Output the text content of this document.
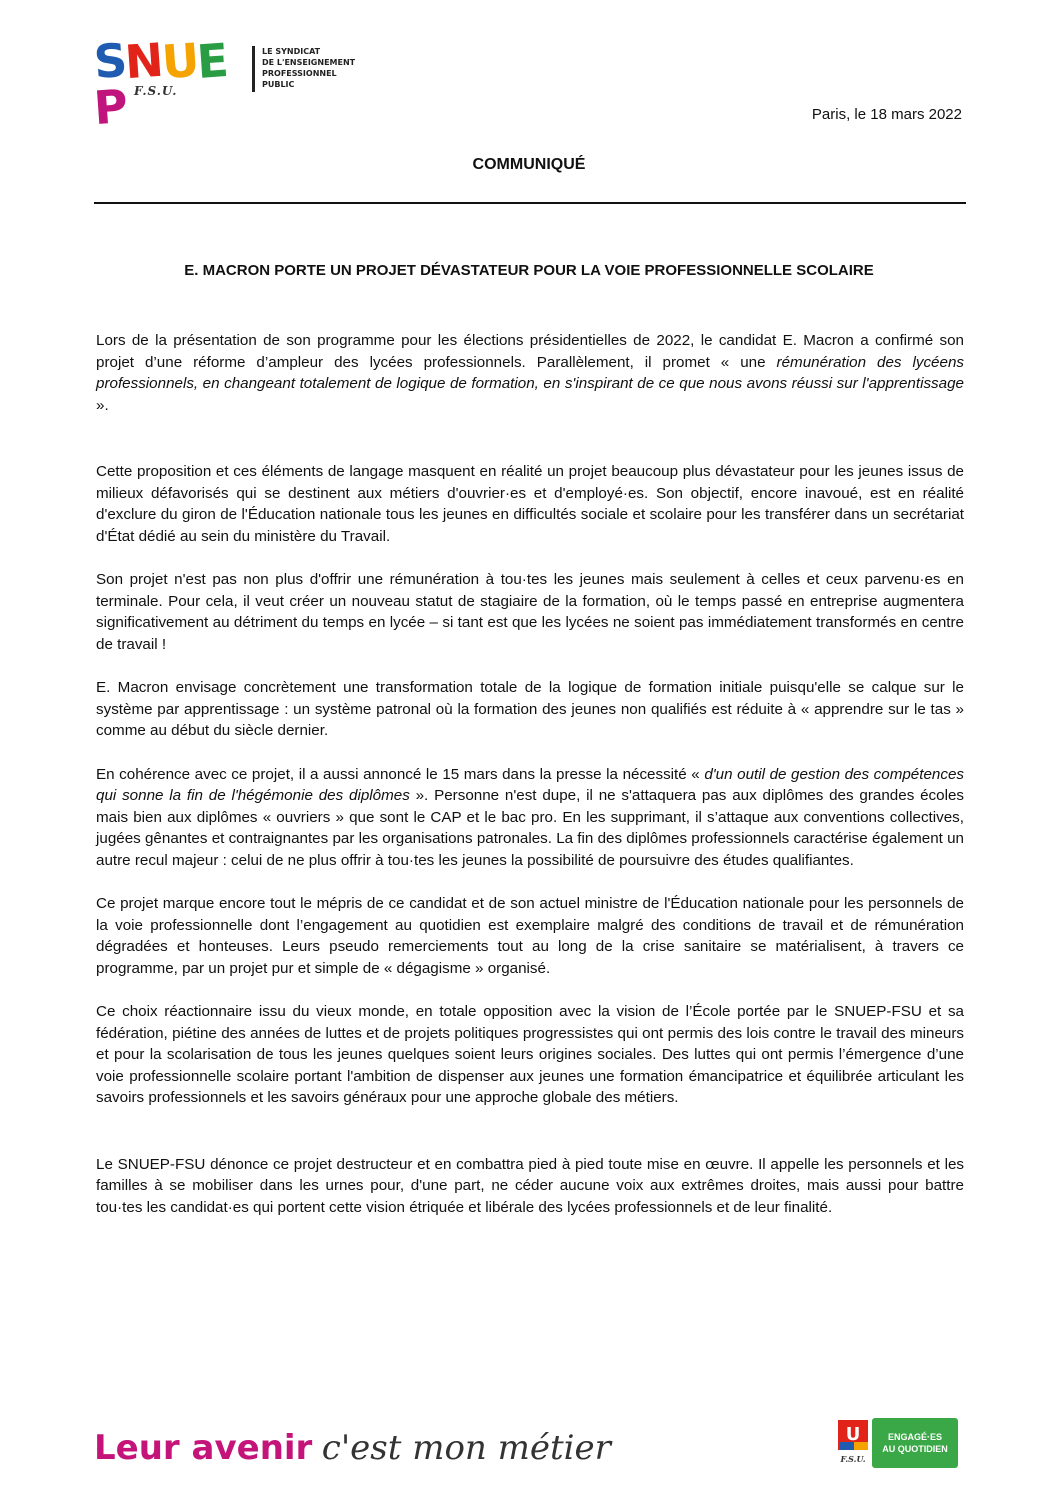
SNUEP F.S.U.
LE SYNDICAT
DE L'ENSEIGNEMENT
PROFESSIONNEL
PUBLIC
Paris, le 18 mars 2022
COMMUNIQUÉ
E. MACRON PORTE UN PROJET DÉVASTATEUR POUR LA VOIE PROFESSIONNELLE SCOLAIRE

Lors de la présentation de son programme pour les élections présidentielles de 2022, le candidat E. Macron a confirmé son projet d’une réforme d’ampleur des lycées professionnels. Parallèlement, il promet « une rémunération des lycéens professionnels, en changeant totalement de logique de formation, en s'inspirant de ce que nous avons réussi sur l'apprentissage ».

Cette proposition et ces éléments de langage masquent en réalité un projet beaucoup plus dévastateur pour les jeunes issus de milieux défavorisés qui se destinent aux métiers d'ouvrier·es et d'employé·es. Son objectif, encore inavoué, est en réalité d'exclure du giron de l'Éducation nationale tous les jeunes en difficultés sociale et scolaire pour les transférer dans un secrétariat d'État dédié au sein du ministère du Travail.

Son projet n'est pas non plus d'offrir une rémunération à tou·tes les jeunes mais seulement à celles et ceux parvenu·es en terminale. Pour cela, il veut créer un nouveau statut de stagiaire de la formation, où le temps passé en entreprise augmentera significativement au détriment du temps en lycée – si tant est que les lycées ne soient pas immédiatement transformés en centre de travail !

E. Macron envisage concrètement une transformation totale de la logique de formation initiale puisqu'elle se calque sur le système par apprentissage : un système patronal où la formation des jeunes non qualifiés est réduite à « apprendre sur le tas » comme au début du siècle dernier.

En cohérence avec ce projet, il a aussi annoncé le 15 mars dans la presse la nécessité « d'un outil de gestion des compétences qui sonne la fin de l'hégémonie des diplômes ». Personne n'est dupe, il ne s'attaquera pas aux diplômes des grandes écoles mais bien aux diplômes « ouvriers » que sont le CAP et le bac pro. En les supprimant, il s’attaque aux conventions collectives, jugées gênantes et contraignantes par les organisations patronales. La fin des diplômes professionnels caractérise également un autre recul majeur : celui de ne plus offrir à tou·tes les jeunes la possibilité de poursuivre des études qualifiantes.

Ce projet marque encore tout le mépris de ce candidat et de son actuel ministre de l'Éducation nationale pour les personnels de la voie professionnelle dont l’engagement au quotidien est exemplaire malgré des conditions de travail et de rémunération dégradées et honteuses. Leurs pseudo remerciements tout au long de la crise sanitaire se matérialisent, à travers ce programme, par un projet pur et simple de « dégagisme » organisé.

Ce choix réactionnaire issu du vieux monde, en totale opposition avec la vision de l’École portée par le SNUEP-FSU et sa fédération, piétine des années de luttes et de projets politiques progressistes qui ont permis des lois contre le travail des mineurs et pour la scolarisation de tous les jeunes quelques soient leurs origines sociales. Des luttes qui ont permis l’émergence d’une voie professionnelle scolaire portant l'ambition de dispenser aux jeunes une formation émancipatrice et équilibrée articulant les savoirs professionnels et les savoirs généraux pour une approche globale des métiers.

Le SNUEP-FSU dénonce ce projet destructeur et en combattra pied à pied toute mise en œuvre. Il appelle les personnels et les familles à se mobiliser dans les urnes pour, d'une part, ne céder aucune voix aux extrêmes droites, mais aussi pour battre tou·tes les candidat·es qui portent cette vision étriquée et libérale des lycées professionnels et de leur finalité.

Leur avenir c'est mon métier	U
F.S.U.
ENGAGÉ·ES
AU QUOTIDIEN
